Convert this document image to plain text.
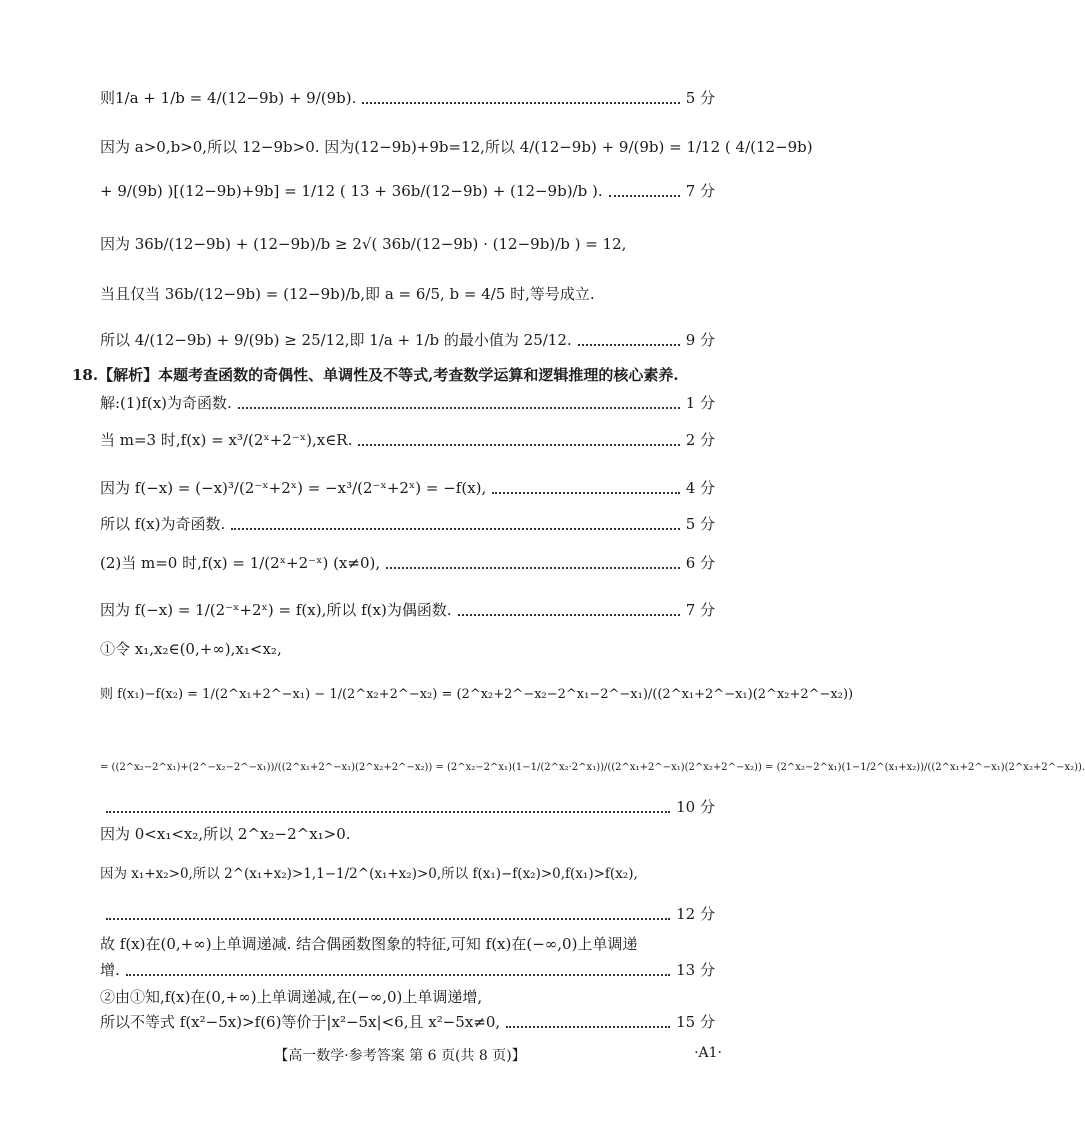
则1/a + 1/b = 4/(12−9b) + 9/(9b).	5 分
因为 a>0,b>0,所以 12−9b>0. 因为(12−9b)+9b=12,所以 4/(12−9b) + 9/(9b) = 1/12 ( 4/(12−9b)
+ 9/(9b) )[(12−9b)+9b] = 1/12 ( 13 + 36b/(12−9b) + (12−9b)/b ).	7 分
因为 36b/(12−9b) + (12−9b)/b ≥ 2√( 36b/(12−9b) · (12−9b)/b ) = 12,
当且仅当 36b/(12−9b) = (12−9b)/b,即 a = 6/5, b = 4/5 时,等号成立.
所以 4/(12−9b) + 9/(9b) ≥ 25/12,即 1/a + 1/b 的最小值为 25/12.	9 分
18.【解析】本题考查函数的奇偶性、单调性及不等式,考查数学运算和逻辑推理的核心素养.
解:(1)f(x)为奇函数.	1 分
当 m=3 时,f(x) = x³/(2ˣ+2⁻ˣ),x∈R.	2 分
因为 f(−x) = (−x)³/(2⁻ˣ+2ˣ) = −x³/(2⁻ˣ+2ˣ) = −f(x),	4 分
所以 f(x)为奇函数.	5 分
(2)当 m=0 时,f(x) = 1/(2ˣ+2⁻ˣ) (x≠0),	6 分
因为 f(−x) = 1/(2⁻ˣ+2ˣ) = f(x),所以 f(x)为偶函数.	7 分
①令 x₁,x₂∈(0,+∞),x₁<x₂,
则 f(x₁)−f(x₂) = 1/(2^x₁+2^−x₁) − 1/(2^x₂+2^−x₂) = (2^x₂+2^−x₂−2^x₁−2^−x₁)/((2^x₁+2^−x₁)(2^x₂+2^−x₂))
= ((2^x₂−2^x₁)+(2^−x₂−2^−x₁))/((2^x₁+2^−x₁)(2^x₂+2^−x₂)) = (2^x₂−2^x₁)(1−1/(2^x₂·2^x₁))/((2^x₁+2^−x₁)(2^x₂+2^−x₂)) = (2^x₂−2^x₁)(1−1/2^(x₁+x₂))/((2^x₁+2^−x₁)(2^x₂+2^−x₂)).
10 分
因为 0<x₁<x₂,所以 2^x₂−2^x₁>0.
因为 x₁+x₂>0,所以 2^(x₁+x₂)>1,1−1/2^(x₁+x₂)>0,所以 f(x₁)−f(x₂)>0,f(x₁)>f(x₂),
12 分
故 f(x)在(0,+∞)上单调递减. 结合偶函数图象的特征,可知 f(x)在(−∞,0)上单调递
增.	13 分
②由①知,f(x)在(0,+∞)上单调递减,在(−∞,0)上单调递增,
所以不等式 f(x²−5x)>f(6)等价于|x²−5x|<6,且 x²−5x≠0,	15 分
【高一数学·参考答案 第 6 页(共 8 页)】	·A1·
